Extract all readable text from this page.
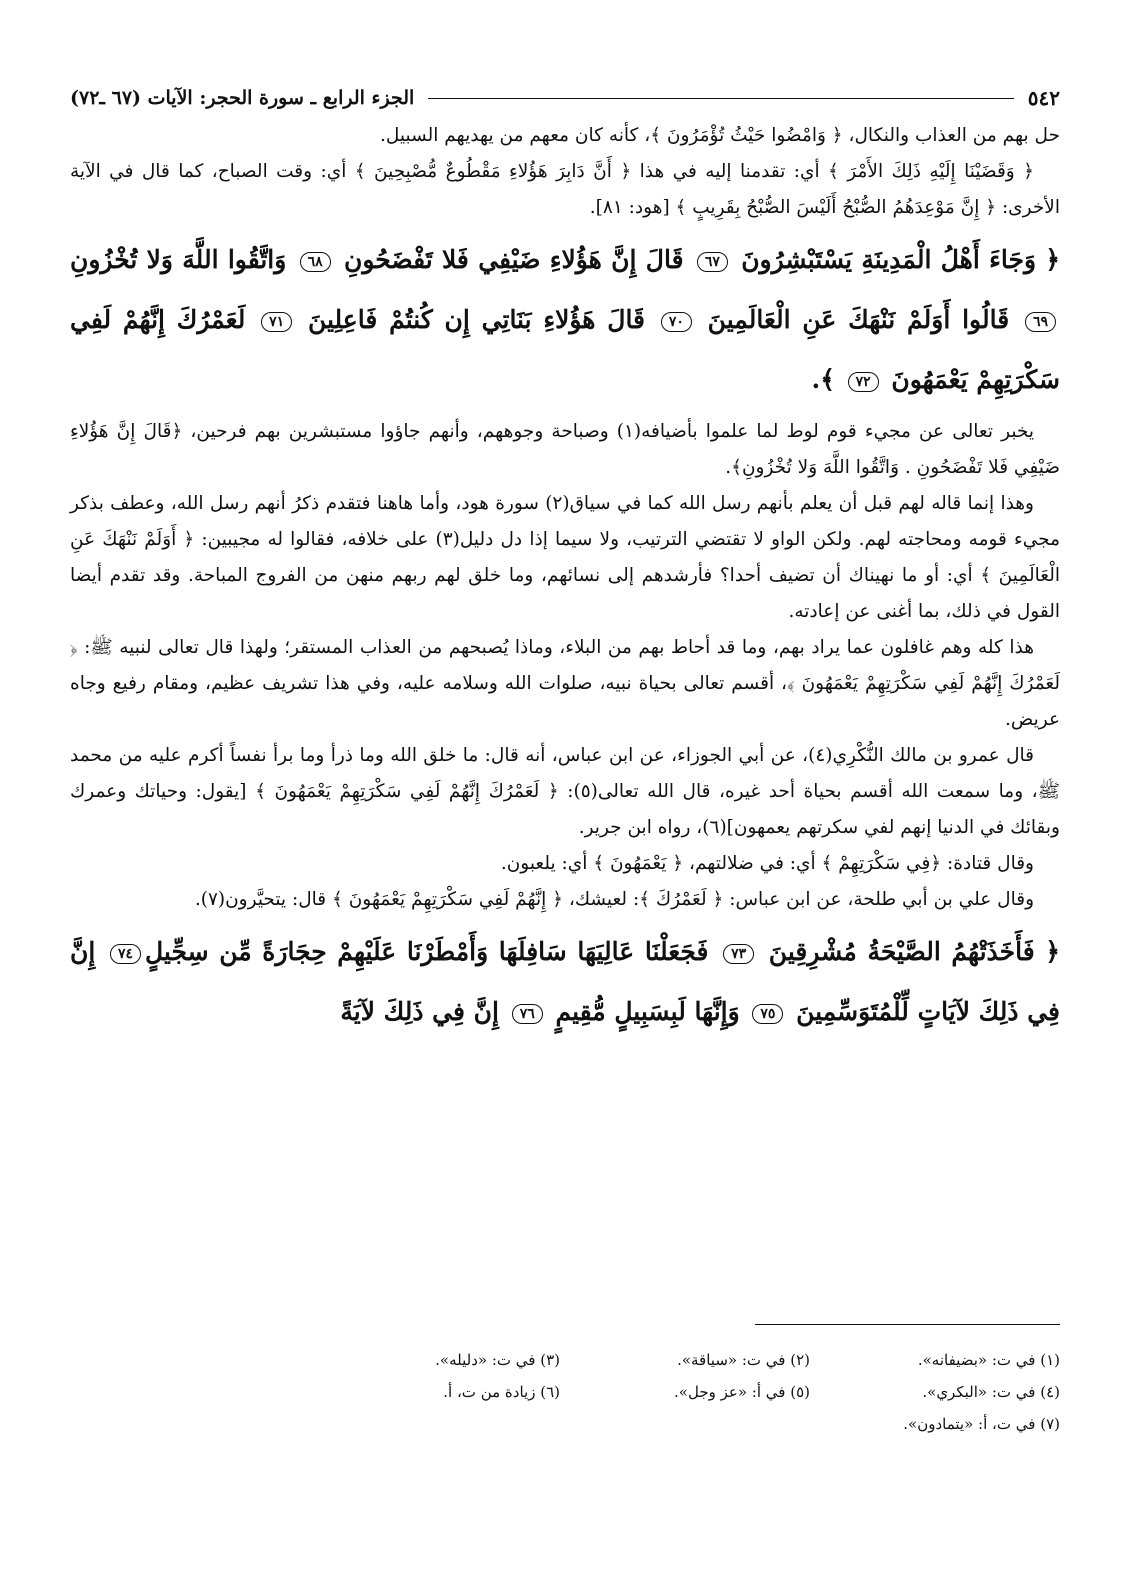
٥٤٢
الجزء الرابع ـ سورة الحجر: الآيات (٦٧ ـ٧٢)

حل بهم من العذاب والنكال، ﴿ وَامْضُوا حَيْثُ تُؤْمَرُونَ ﴾، كأنه كان معهم من يهديهم السبيل.

﴿ وَقَضَيْنَا إِلَيْهِ ذَلِكَ الأَمْرَ ﴾ أي: تقدمنا إليه في هذا ﴿ أَنَّ دَابِرَ هَؤُلاءِ مَقْطُوعٌ مُّصْبِحِينَ ﴾ أي: وقت الصباح، كما قال في الآية الأخرى: ﴿ إِنَّ مَوْعِدَهُمُ الصُّبْحُ أَلَيْسَ الصُّبْحُ بِقَرِيبٍ ﴾ [هود: ٨١].

﴿ وَجَاءَ أَهْلُ الْمَدِينَةِ يَسْتَبْشِرُونَ ٦٧ قَالَ إِنَّ هَؤُلاءِ ضَيْفِي فَلا تَفْضَحُونِ ٦٨ وَاتَّقُوا اللَّهَ وَلا تُخْزُونِ ٦٩ قَالُوا أَوَلَمْ نَنْهَكَ عَنِ الْعَالَمِينَ ٧٠ قَالَ هَؤُلاءِ بَنَاتِي إِن كُنتُمْ فَاعِلِينَ ٧١ لَعَمْرُكَ إِنَّهُمْ لَفِي سَكْرَتِهِمْ يَعْمَهُونَ ٧٢ ﴾.

يخبر تعالى عن مجيء قوم لوط لما علموا بأضيافه(١) وصباحة وجوههم، وأنهم جاؤوا مستبشرين بهم فرحين، ﴿قَالَ إِنَّ هَؤُلاءِ ضَيْفِي فَلا تَفْضَحُونِ . وَاتَّقُوا اللَّهَ وَلا تُخْزُونِ﴾.

وهذا إنما قاله لهم قبل أن يعلم بأنهم رسل الله كما في سياق(٢) سورة هود، وأما هاهنا فتقدم ذكرُ أنهم رسل الله، وعطف بذكر مجيء قومه ومحاجته لهم. ولكن الواو لا تقتضي الترتيب، ولا سيما إذا دل دليل(٣) على خلافه، فقالوا له مجيبين: ﴿ أَوَلَمْ نَنْهَكَ عَنِ الْعَالَمِينَ ﴾ أي: أو ما نهيناك أن تضيف أحدا؟ فأرشدهم إلى نسائهم، وما خلق لهم ربهم منهن من الفروج المباحة. وقد تقدم أيضا القول في ذلك، بما أغنى عن إعادته.

هذا كله وهم غافلون عما يراد بهم، وما قد أحاط بهم من البلاء، وماذا يُصبحهم من العذاب المستقر؛ ولهذا قال تعالى لنبيه ﷺ: ﴿ لَعَمْرُكَ إِنَّهُمْ لَفِي سَكْرَتِهِمْ يَعْمَهُونَ ﴾، أقسم تعالى بحياة نبيه، صلوات الله وسلامه عليه، وفي هذا تشريف عظيم، ومقام رفيع وجاه عريض.

قال عمرو بن مالك النُّكْرِي(٤)، عن أبي الجوزاء، عن ابن عباس، أنه قال: ما خلق الله وما ذرأ وما برأ نفساً أكرم عليه من محمد ﷺ، وما سمعت الله أقسم بحياة أحد غيره، قال الله تعالى(٥): ﴿ لَعَمْرُكَ إِنَّهُمْ لَفِي سَكْرَتِهِمْ يَعْمَهُونَ ﴾ [يقول: وحياتك وعمرك وبقائك في الدنيا إنهم لفي سكرتهم يعمهون](٦)، رواه ابن جرير.

وقال قتادة: ﴿فِي سَكْرَتِهِمْ ﴾ أي: في ضلالتهم، ﴿ يَعْمَهُونَ ﴾ أي: يلعبون.

وقال علي بن أبي طلحة، عن ابن عباس: ﴿ لَعَمْرُكَ ﴾: لعيشك، ﴿ إِنَّهُمْ لَفِي سَكْرَتِهِمْ يَعْمَهُونَ ﴾ قال: يتحيَّرون(٧).

﴿ فَأَخَذَتْهُمُ الصَّيْحَةُ مُشْرِقِينَ ٧٣ فَجَعَلْنَا عَالِيَهَا سَافِلَهَا وَأَمْطَرْنَا عَلَيْهِمْ حِجَارَةً مِّن سِجِّيلٍ٧٤ إِنَّ فِي ذَلِكَ لآيَاتٍ لِّلْمُتَوَسِّمِينَ ٧٥ وَإِنَّهَا لَبِسَبِيلٍ مُّقِيمٍ ٧٦ إِنَّ فِي ذَلِكَ لآيَةً

(١) في ت: «بضيفانه».
(٢) في ت: «سياقة».
(٣) في ت: «دليله».
(٤) في ت: «البكري».
(٥) في أ: «عز وجل».
(٦) زيادة من ت، أ.
(٧) في ت، أ: «يتمادون».
